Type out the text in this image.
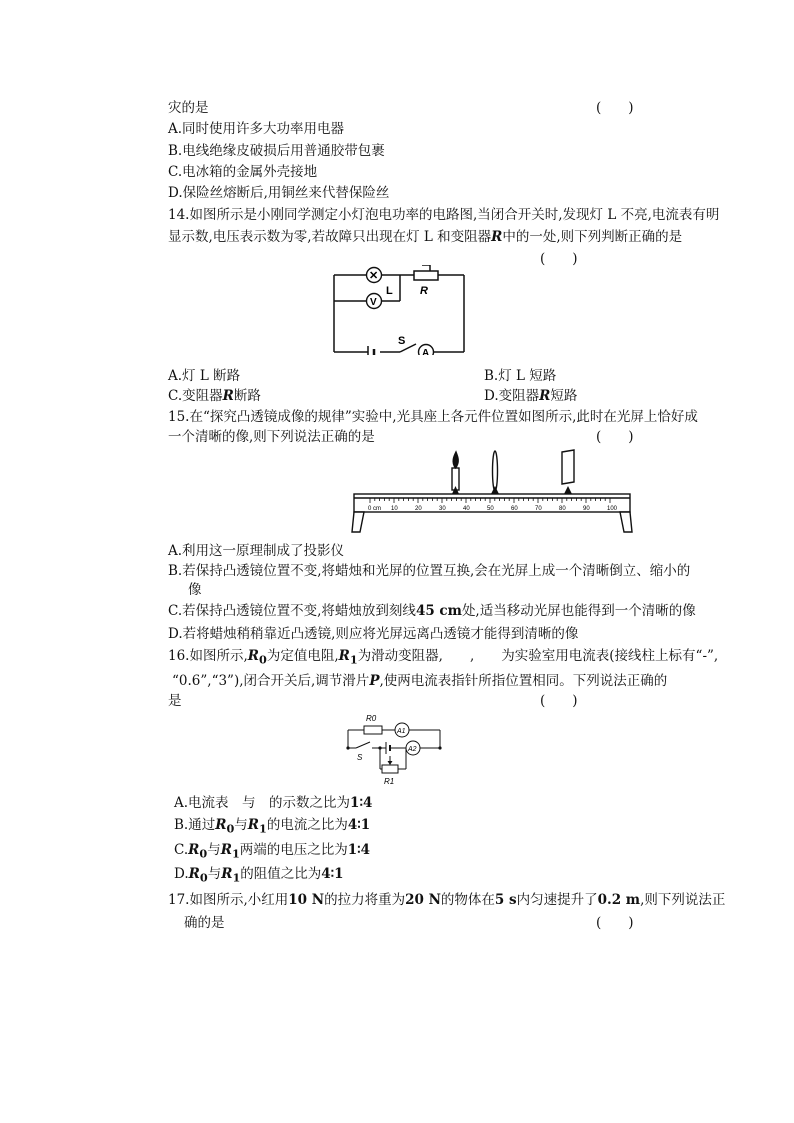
灾的是	(　　)
A.同时使用许多大功率用电器
B.电线绝缘皮破损后用普通胶带包裹
C.电冰箱的金属外壳接地
D.保险丝熔断后,用铜丝来代替保险丝
14.如图所示是小刚同学测定小灯泡电功率的电路图,当闭合开关时,发现灯 L 不亮,电流表有明
显示数,电压表示数为零,若故障只出现在灯 L 和变阻器R中的一处,则下列判断正确的是
(　　)
✕
V
A
L R
S
A.灯 L 断路	B.灯 L 短路
C.变阻器R断路	D.变阻器R短路
15.在“探究凸透镜成像的规律”实验中,光具座上各元件位置如图所示,此时在光屏上恰好成
一个清晰的像,则下列说法正确的是	(　　)
0 cm 10	20	30	40	50	60	70	80	90	100
A.利用这一原理制成了投影仪
B.若保持凸透镜位置不变,将蜡烛和光屏的位置互换,会在光屏上成一个清晰倒立、缩小的
像
C.若保持凸透镜位置不变,将蜡烛放到刻线45 cm处,适当移动光屏也能得到一个清晰的像
D.若将蜡烛稍稍靠近凸透镜,则应将光屏远离凸透镜才能得到清晰的像
16.如图所示$,R_0$为定值电阻$,R_1$为滑动变阻器,　　,　　为实验室用电流表(接线柱上标有“-”,
“0.6”,“3”),闭合开关后,调节滑片P,使两电流表指针所指位置相同。下列说法正确的
是	(　　)
A1
A2
R0
R1
S
A.电流表　与　的示数之比为1∶4
B.通过$R_0$与$R_1$的电流之比为4∶1
$C.R_0$与$R_1$两端的电压之比为1∶4
$D.R_0$与$R_1$的阻值之比为4∶1
17.如图所示,小红用10 N的拉力将重为20 N的物体在5 s内匀速提升了0.2 m,则下列说法正
确的是	(　　)
